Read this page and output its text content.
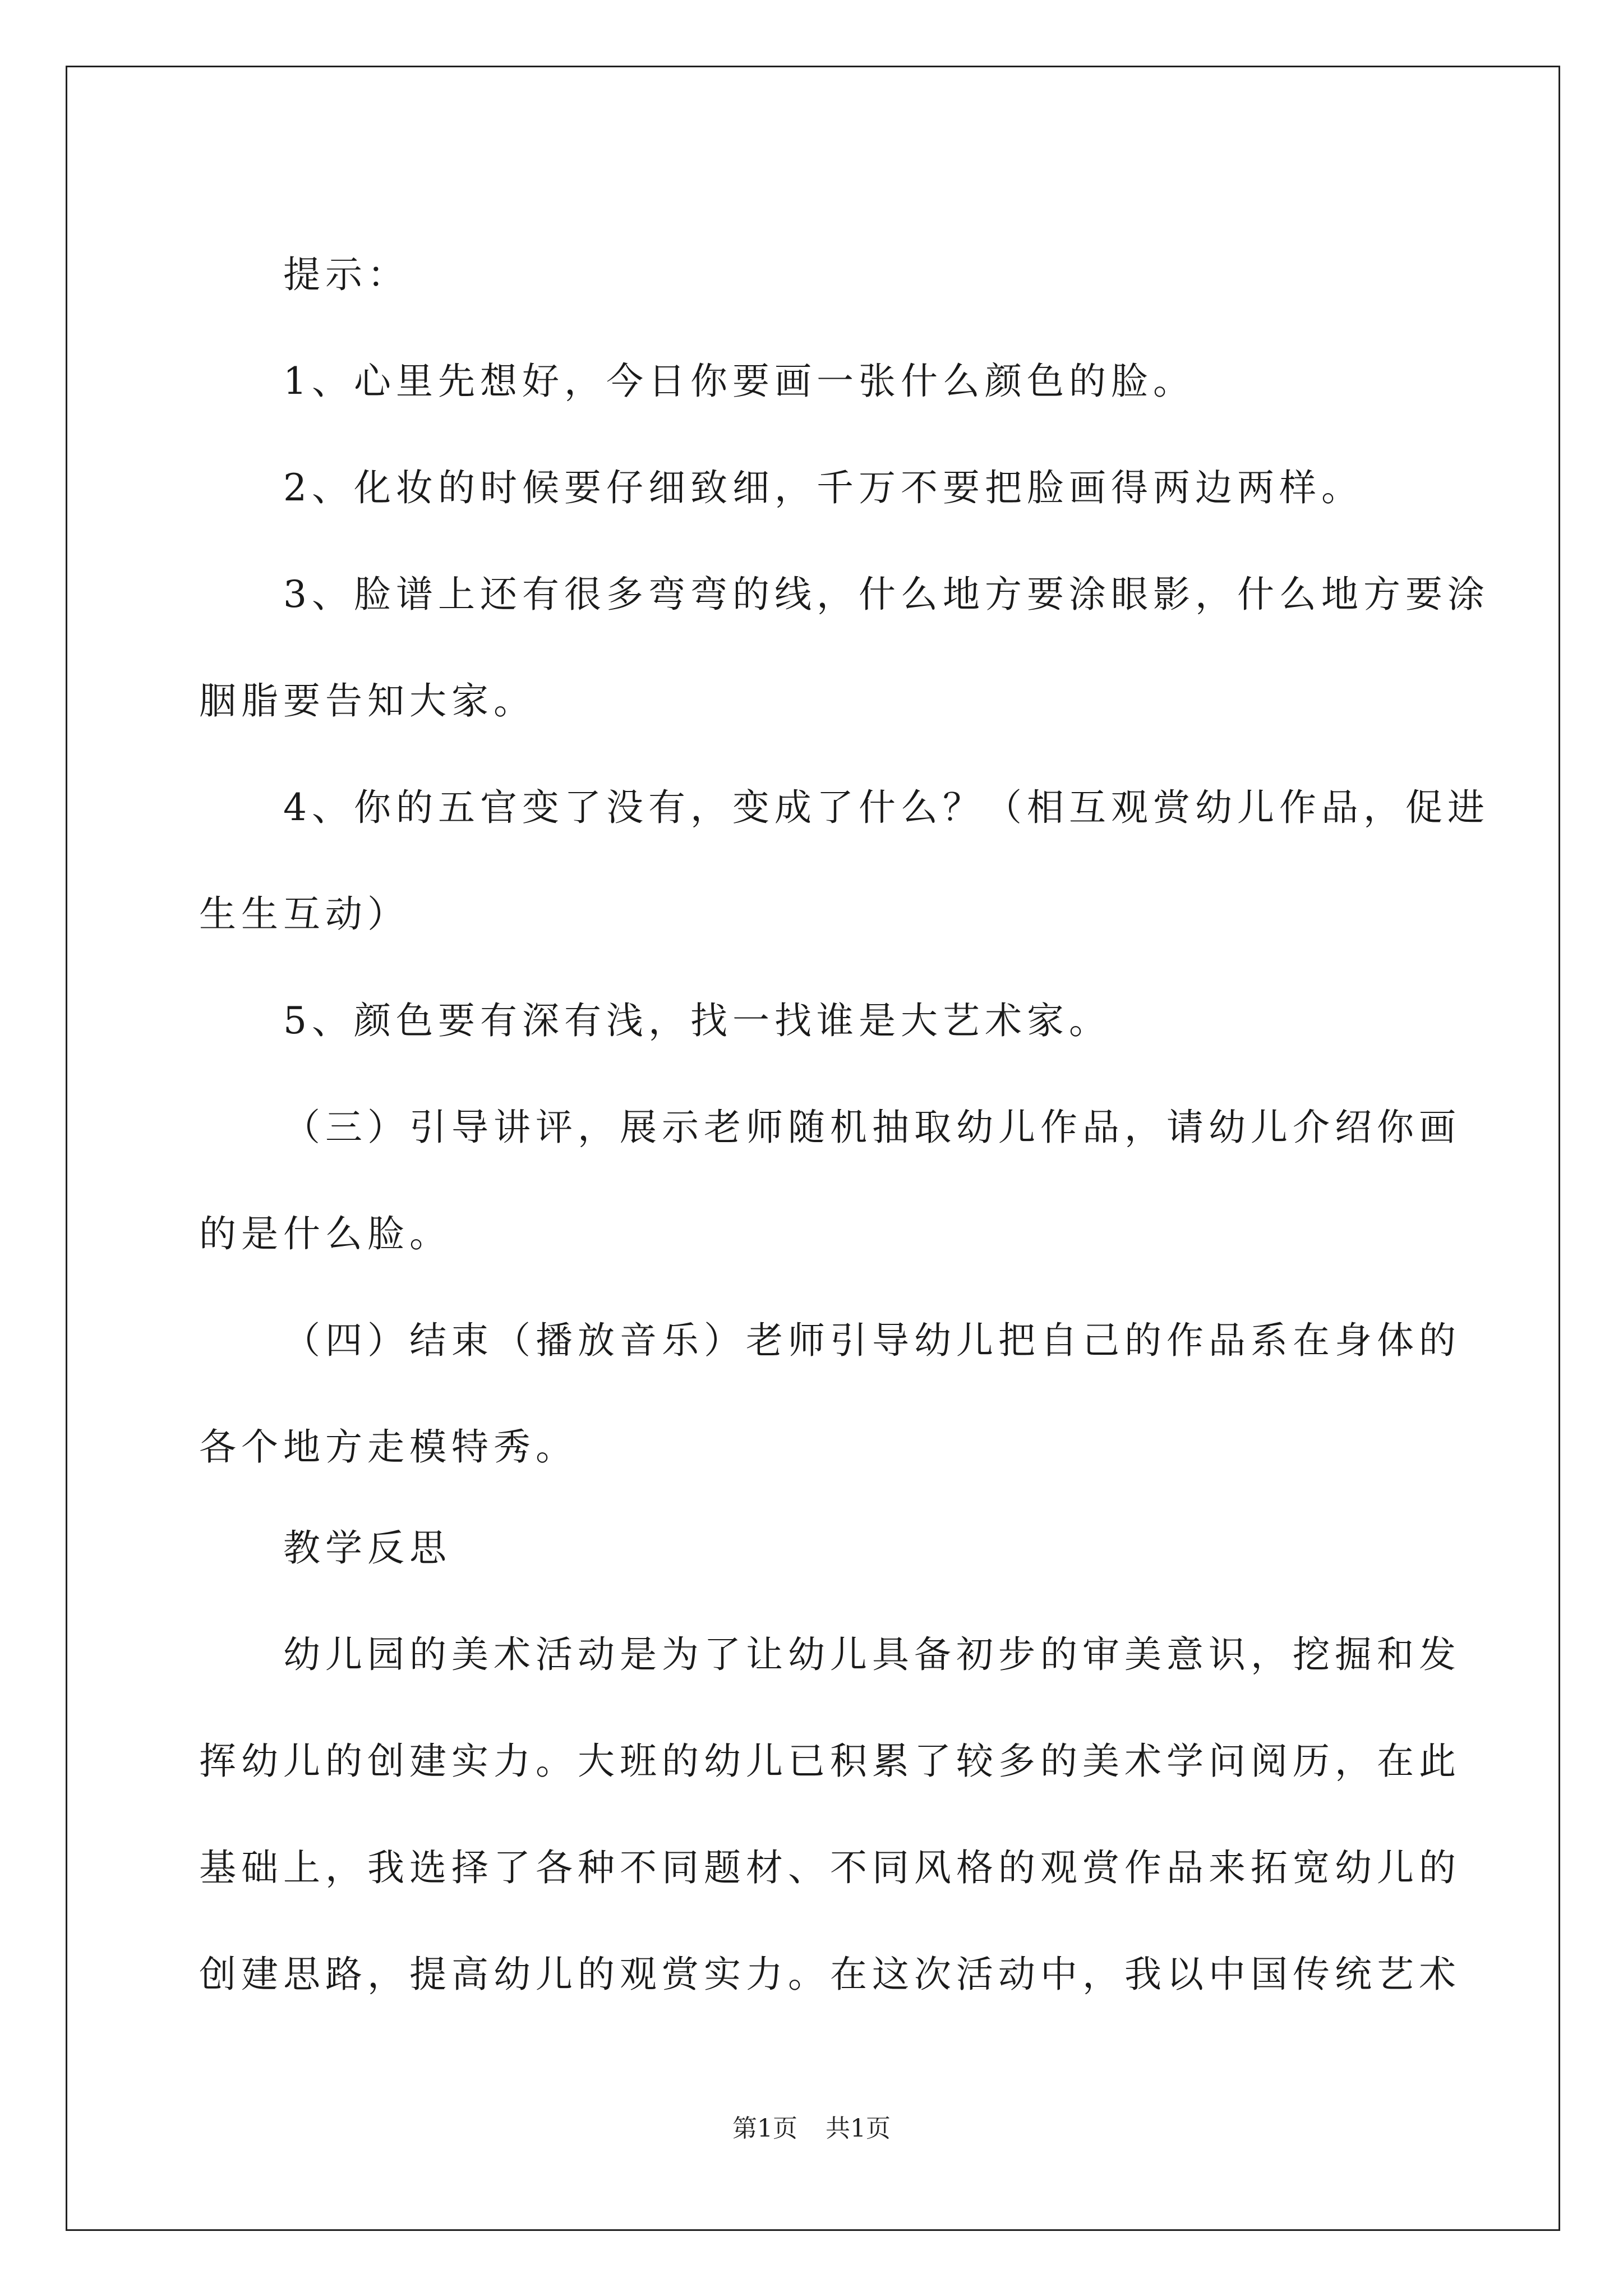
提示：

1、心里先想好，今日你要画一张什么颜色的脸。

2、化妆的时候要仔细致细，千万不要把脸画得两边两样。

3、脸谱上还有很多弯弯的线，什么地方要涂眼影，什么地方要涂

胭脂要告知大家。

4、你的五官变了没有，变成了什么？（相互观赏幼儿作品，促进

生生互动）

5、颜色要有深有浅，找一找谁是大艺术家。

（三）引导讲评，展示老师随机抽取幼儿作品，请幼儿介绍你画

的是什么脸。

（四）结束（播放音乐）老师引导幼儿把自己的作品系在身体的

各个地方走模特秀。

教学反思

幼儿园的美术活动是为了让幼儿具备初步的审美意识，挖掘和发

挥幼儿的创建实力。大班的幼儿已积累了较多的美术学问阅历，在此

基础上，我选择了各种不同题材、不同风格的观赏作品来拓宽幼儿的

创建思路，提高幼儿的观赏实力。在这次活动中，我以中国传统艺术

第1页 共1页
